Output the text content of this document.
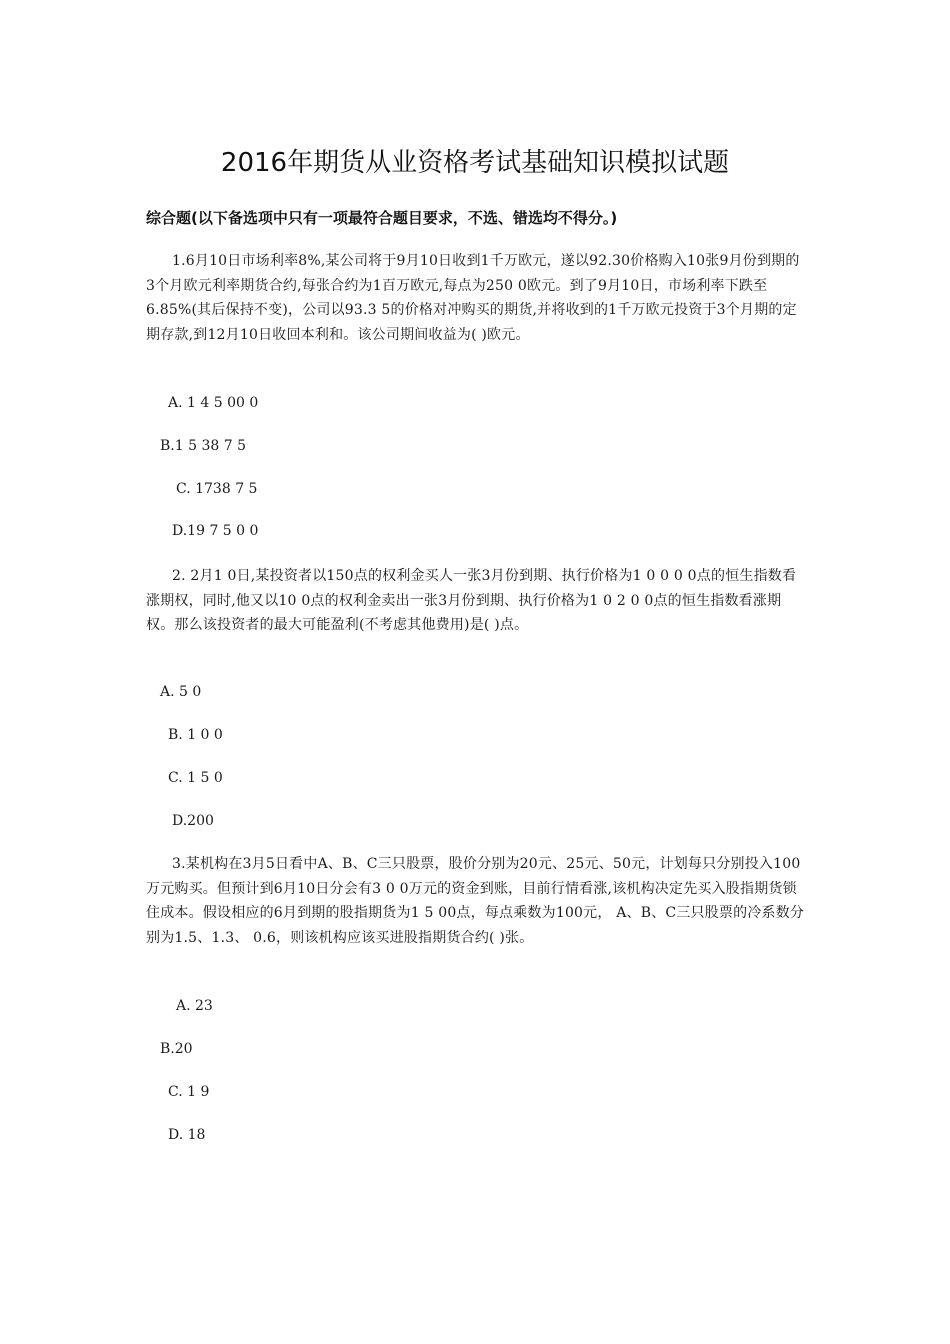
2016年期货从业资格考试基础知识模拟试题
综合题(以下备选项中只有一项最符合题目要求，不选、错选均不得分。)
1.6月10日市场利率8%,某公司将于9月10日收到1千万欧元，遂以92.30价格购入10张9月份到期的3个月欧元利率期货合约,每张合约为1百万欧元,每点为250 0欧元。到了9月10日，市场利率下跌至6.85%(其后保持不变)，公司以93.3 5的价格对冲购买的期货,并将收到的1千万欧元投资于3个月期的定期存款,到12月10日收回本利和。该公司期间收益为( )欧元。
A. 1 4 5 00 0
B.1 5 38 7 5
C. 1738 7 5
D.19 7 5 0 0
2. 2月1 0日,某投资者以150点的权利金买人一张3月份到期、执行价格为1 0 0 0 0点的恒生指数看涨期权，同时,他又以10 0点的权利金卖出一张3月份到期、执行价格为1 0 2 0 0点的恒生指数看涨期权。那么该投资者的最大可能盈利(不考虑其他费用)是( )点。
A. 5 0
B. 1 0 0
C. 1 5 0
D.200
3.某机构在3月5日看中A、B、C三只股票，股价分别为20元、25元、50元，计划每只分别投入100万元购买。但预计到6月10日分会有3 0 0万元的资金到账，目前行情看涨,该机构决定先买入股指期货锁住成本。假设相应的6月到期的股指期货为1 5 00点，每点乘数为100元， A、B、C三只股票的冷系数分别为1.5、1.3、 0.6，则该机构应该买进股指期货合约( )张。
A. 23
B.20
C. 1 9
D. 18
